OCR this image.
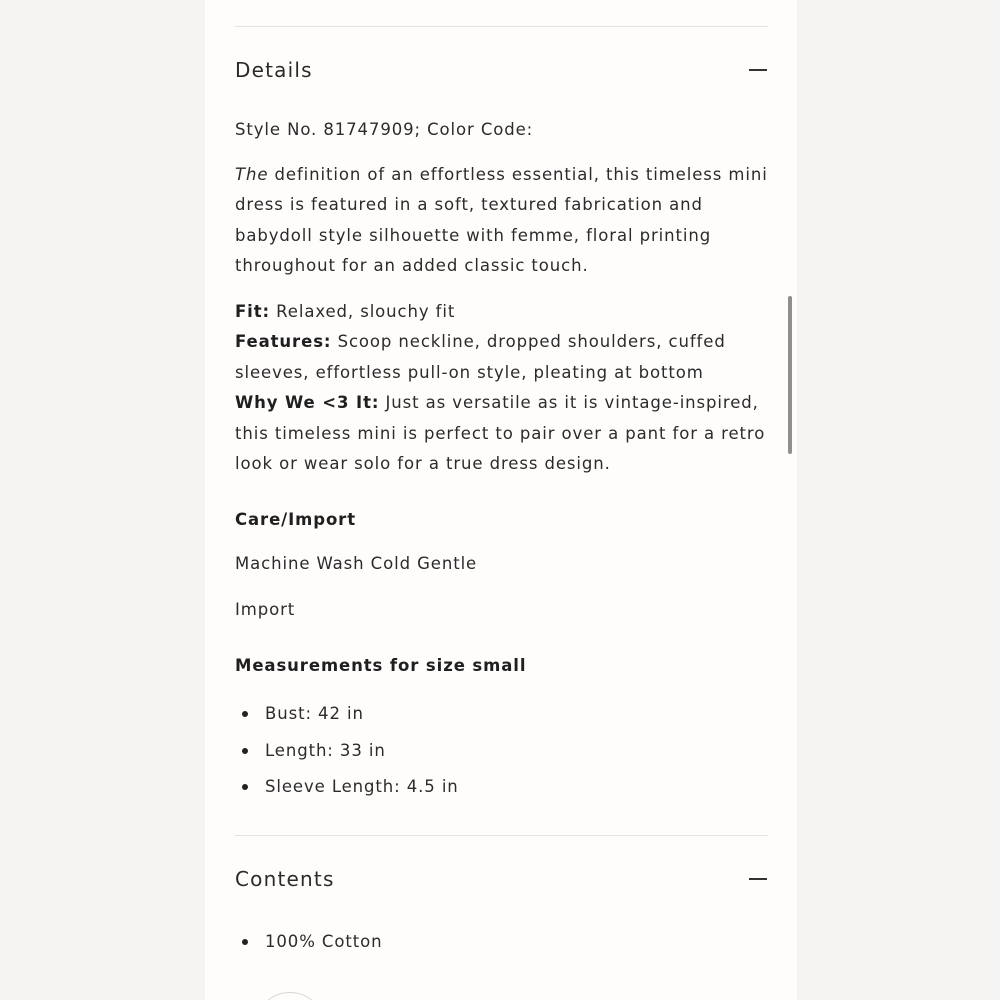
Details
Style No. 81747909; Color Code:
The definition of an effortless essential, this timeless mini dress is featured in a soft, textured fabrication and babydoll style silhouette with femme, floral printing throughout for an added classic touch.
Fit: Relaxed, slouchy fit
Features: Scoop neckline, dropped shoulders, cuffed sleeves, effortless pull-on style, pleating at bottom
Why We <3 It: Just as versatile as it is vintage-inspired, this timeless mini is perfect to pair over a pant for a retro look or wear solo for a true dress design.
Care/Import
Machine Wash Cold Gentle
Import
Measurements for size small
Bust: 42 in
Length: 33 in
Sleeve Length: 4.5 in
Contents
100% Cotton
